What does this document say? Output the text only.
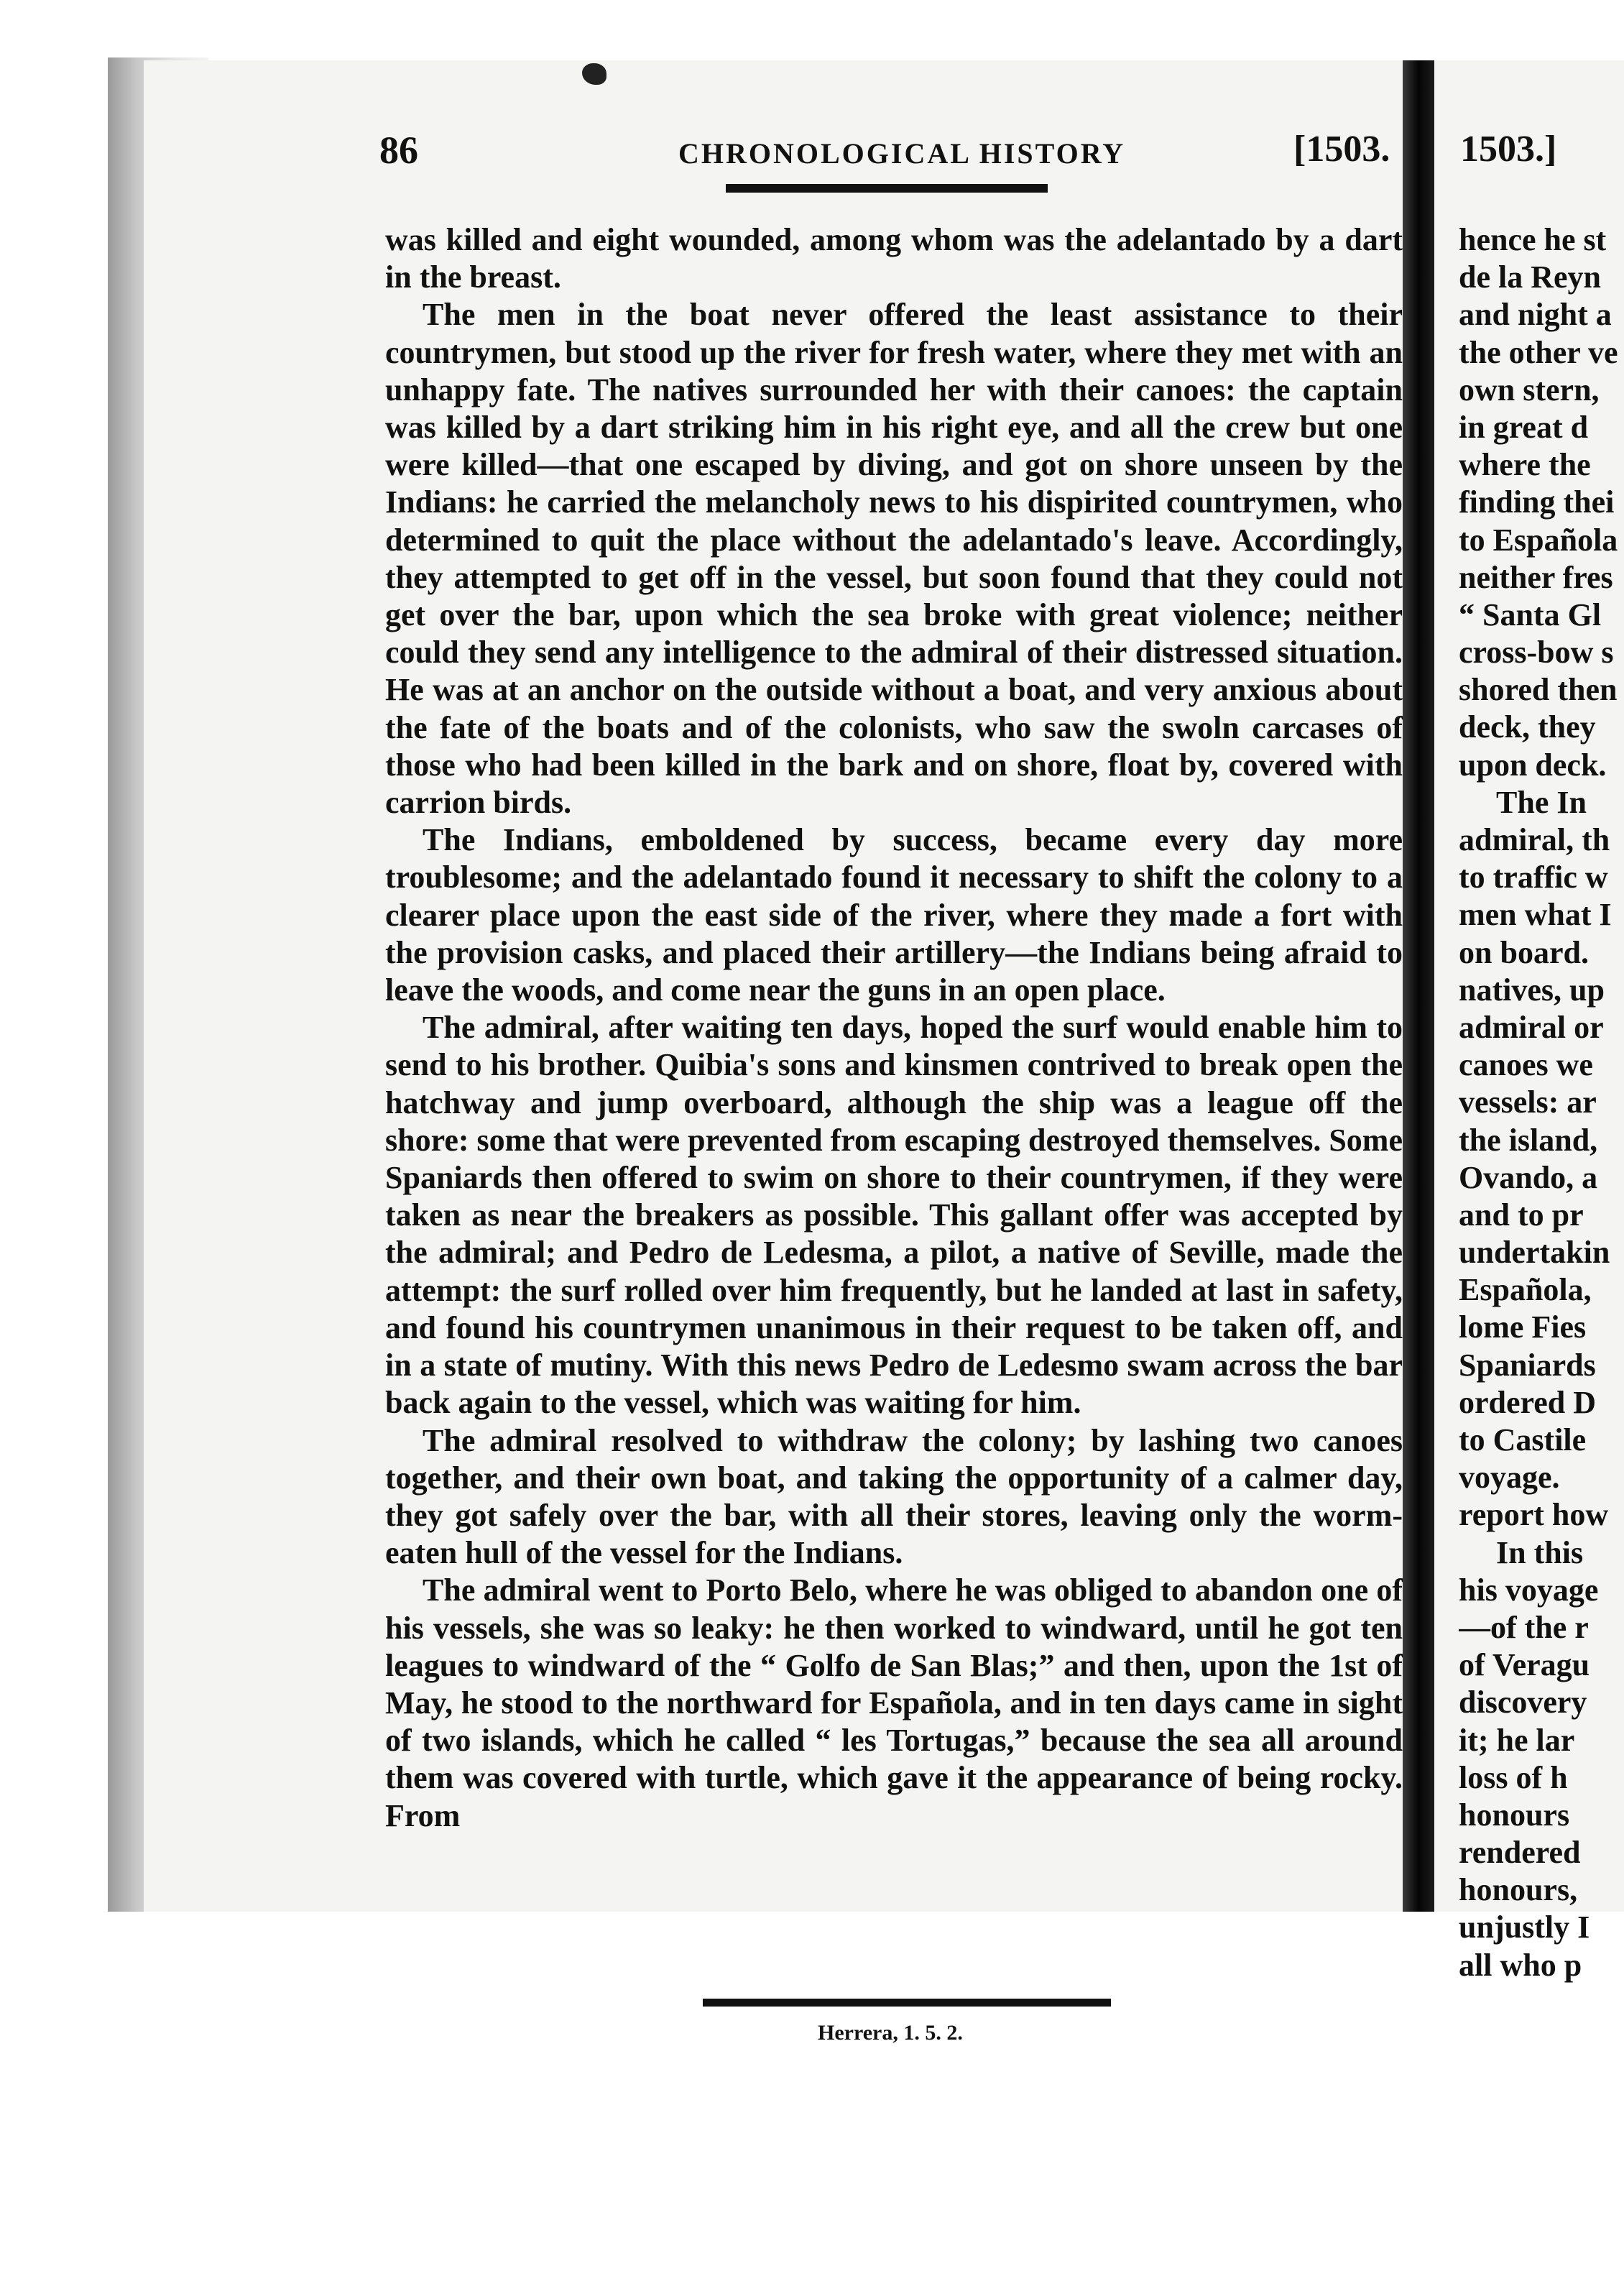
86	CHRONOLOGICAL HISTORY	[1503.

was killed and eight wounded, among whom was the adelantado by a dart in the breast.

The men in the boat never offered the least assistance to their countrymen, but stood up the river for fresh water, where they met with an unhappy fate. The natives surrounded her with their canoes: the captain was killed by a dart striking him in his right eye, and all the crew but one were killed—that one escaped by diving, and got on shore unseen by the Indians: he carried the melancholy news to his dispirited countrymen, who determined to quit the place without the adelantado's leave. Accordingly, they attempted to get off in the vessel, but soon found that they could not get over the bar, upon which the sea broke with great violence; neither could they send any intelligence to the admiral of their distressed situation. He was at an anchor on the outside without a boat, and very anxious about the fate of the boats and of the colonists, who saw the swoln carcases of those who had been killed in the bark and on shore, float by, covered with carrion birds.

The Indians, emboldened by success, became every day more troublesome; and the adelantado found it necessary to shift the colony to a clearer place upon the east side of the river, where they made a fort with the provision casks, and placed their artillery—the Indians being afraid to leave the woods, and come near the guns in an open place.

The admiral, after waiting ten days, hoped the surf would enable him to send to his brother. Quibia's sons and kinsmen contrived to break open the hatchway and jump overboard, although the ship was a league off the shore: some that were prevented from escaping destroyed themselves. Some Spaniards then offered to swim on shore to their countrymen, if they were taken as near the breakers as possible. This gallant offer was accepted by the admiral; and Pedro de Ledesma, a pilot, a native of Seville, made the attempt: the surf rolled over him frequently, but he landed at last in safety, and found his countrymen unanimous in their request to be taken off, and in a state of mutiny. With this news Pedro de Ledesmo swam across the bar back again to the vessel, which was waiting for him.

The admiral resolved to withdraw the colony; by lashing two canoes together, and their own boat, and taking the opportunity of a calmer day, they got safely over the bar, with all their stores, leaving only the worm-eaten hull of the vessel for the Indians.

The admiral went to Porto Belo, where he was obliged to abandon one of his vessels, she was so leaky: he then worked to windward, until he got ten leagues to windward of the “ Golfo de San Blas;” and then, upon the 1st of May, he stood to the northward for Española, and in ten days came in sight of two islands, which he called “ les Tortugas,” because the sea all around them was covered with turtle, which gave it the appearance of being rocky. From

Herrera, 1. 5. 2.
1503.]
hence he st
de la Reyn
and night a
the other ve
own stern,
in great d
where the
finding thei
to Española
neither fres
“ Santa Gl
cross-bow s
shored then
deck, they
upon deck.
The In
admiral, th
to traffic w
men what I
on board.
natives, up
admiral or
canoes we
vessels: ar
the island,
Ovando, a
and to pr
undertakin
Española,
lome Fies
Spaniards
ordered D
to Castile
voyage.
report how
In this
his voyage
—of the r
of Veragu
discovery
it; he lar
loss of h
honours
rendered
honours,
unjustly I
all who p
